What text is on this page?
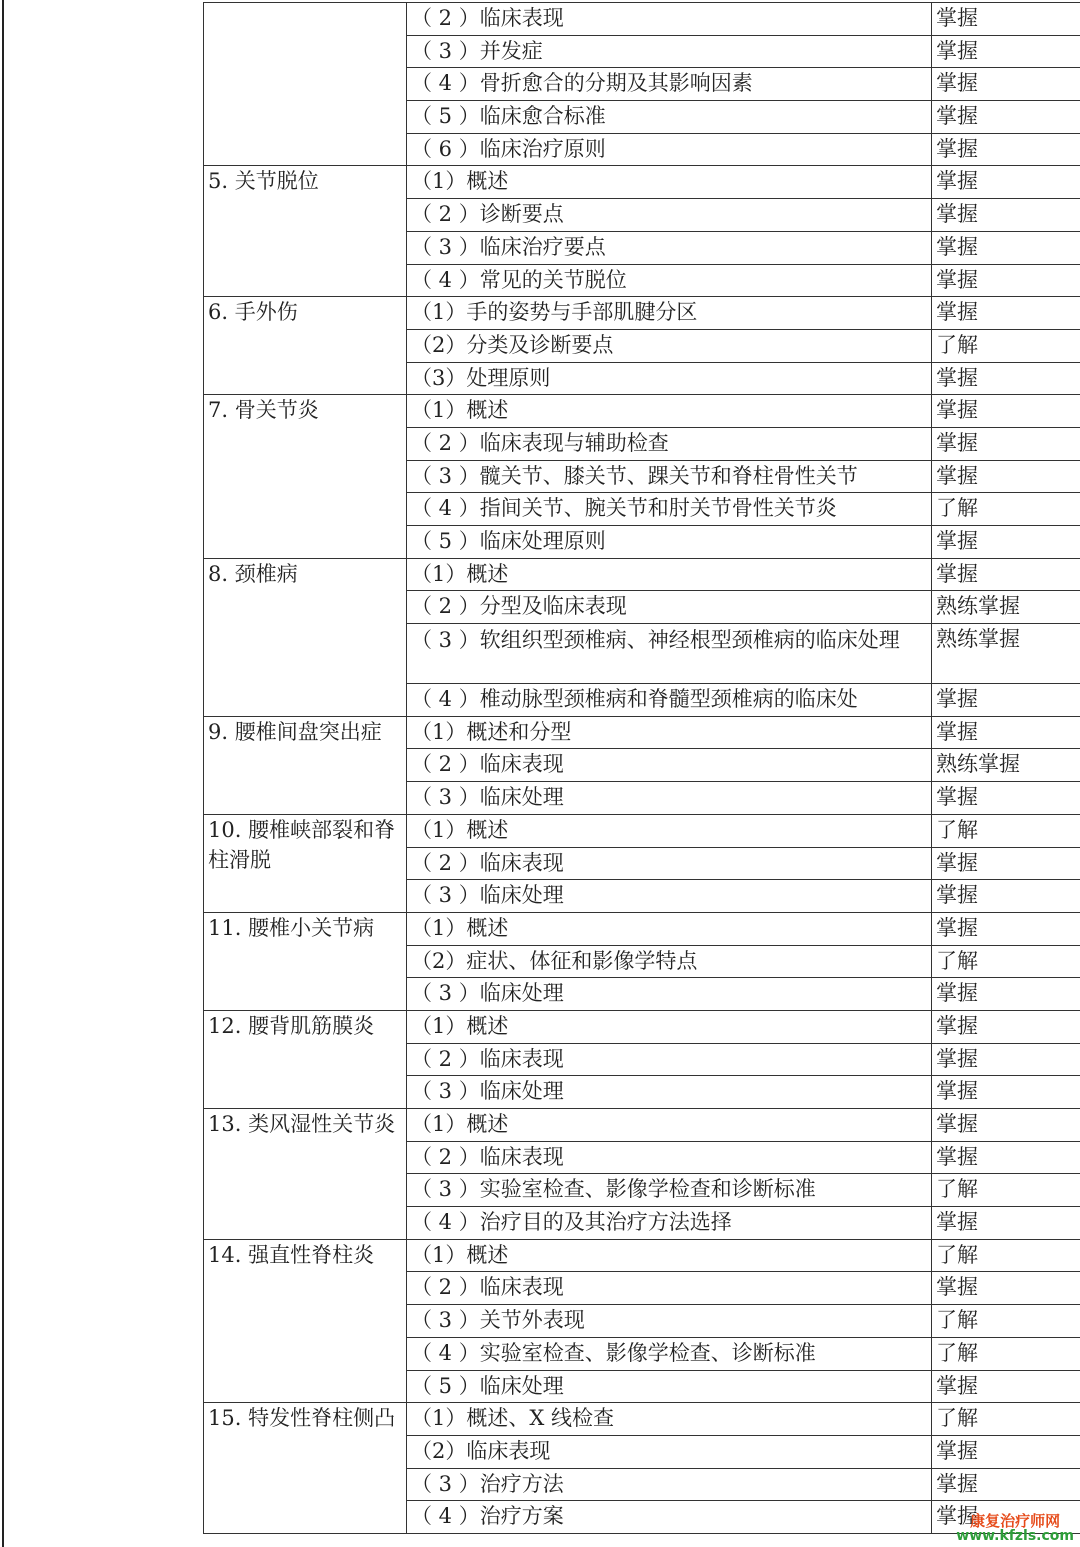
	（ 2 ）临床表现	掌握
	（ 3 ）并发症	掌握
	（ 4 ）骨折愈合的分期及其影响因素	掌握
	（ 5 ）临床愈合标准	掌握
	（ 6 ）临床治疗原则	掌握
5. 关节脱位	（1）概述	掌握
	（ 2 ）诊断要点	掌握
	（ 3 ）临床治疗要点	掌握
	（ 4 ）常见的关节脱位	掌握
6. 手外伤	（1）手的姿势与手部肌腱分区	掌握
	（2）分类及诊断要点	了解
	（3）处理原则	掌握
7. 骨关节炎	（1）概述	掌握
	（ 2 ）临床表现与辅助检查	掌握
	（ 3 ）髋关节、膝关节、踝关节和脊柱骨性关节	掌握
	（ 4 ）指间关节、腕关节和肘关节骨性关节炎	了解
	（ 5 ）临床处理原则	掌握
8. 颈椎病	（1）概述	掌握
	（ 2 ）分型及临床表现	熟练掌握
	（ 3 ）软组织型颈椎病、神经根型颈椎病的临床处理	熟练掌握
	（ 4 ）椎动脉型颈椎病和脊髓型颈椎病的临床处	掌握
9. 腰椎间盘突出症	（1）概述和分型	掌握
	（ 2 ）临床表现	熟练掌握
	（ 3 ）临床处理	掌握
10. 腰椎峡部裂和脊柱滑脱	（1）概述	了解
	（ 2 ）临床表现	掌握
	（ 3 ）临床处理	掌握
11. 腰椎小关节病	（1）概述	掌握
	（2）症状、体征和影像学特点	了解
	（ 3 ）临床处理	掌握
12. 腰背肌筋膜炎	（1）概述	掌握
	（ 2 ）临床表现	掌握
	（ 3 ）临床处理	掌握
13. 类风湿性关节炎	（1）概述	掌握
	（ 2 ）临床表现	掌握
	（ 3 ）实验室检查、影像学检查和诊断标准	了解
	（ 4 ）治疗目的及其治疗方法选择	掌握
14. 强直性脊柱炎	（1）概述	了解
	（ 2 ）临床表现	掌握
	（ 3 ）关节外表现	了解
	（ 4 ）实验室检查、影像学检查、诊断标准	了解
	（ 5 ）临床处理	掌握
15. 特发性脊柱侧凸	（1）概述、X 线检查	了解
	（2）临床表现	掌握
	（ 3 ）治疗方法	掌握
	（ 4 ）治疗方案	掌握
康复治疗师网
www.kfzls.com
